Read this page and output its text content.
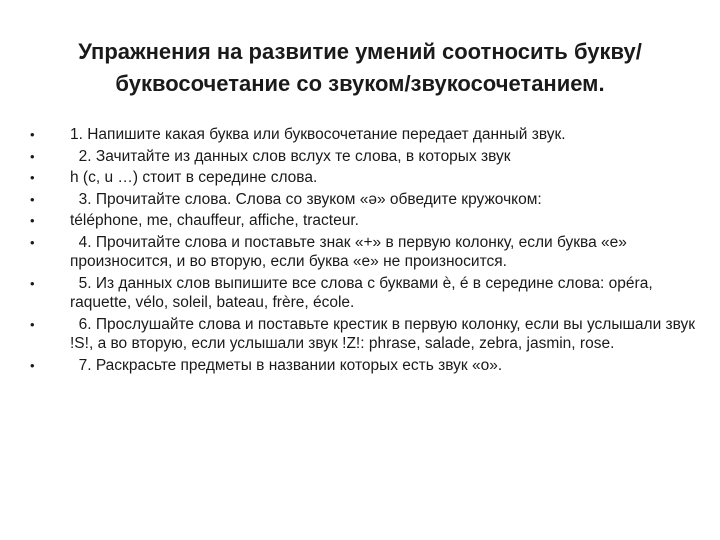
Упражнения на развитие умений соотносить букву/буквосочетание со звуком/звукосочетанием.
•	1. Напишите какая буква или буквосочетание передает данный звук.
•	2. Зачитайте из данных слов вслух те слова, в которых звук
•	h (c, u …) стоит в середине слова.
•	3. Прочитайте слова. Слова со звуком «ə» обведите кружочком:
•	téléphone, me, chauffeur, affiche, tracteur.
•	4. Прочитайте слова и поставьте знак «+» в первую колонку, если буква «е» произносится, и во вторую, если буква «е» не произносится.
•	5. Из данных слов выпишите все слова с буквами è, é в середине слова: opéra, raquette, vélo, soleil, bateau, frère, école.
•	6. Прослушайте слова и поставьте крестик в первую колонку, если вы услышали звук !S!, а во вторую, если услышали звук !Z!: phrase, salade, zebra, jasmin, rose.
•	7. Раскрасьте предметы в названии которых есть звук «o».
